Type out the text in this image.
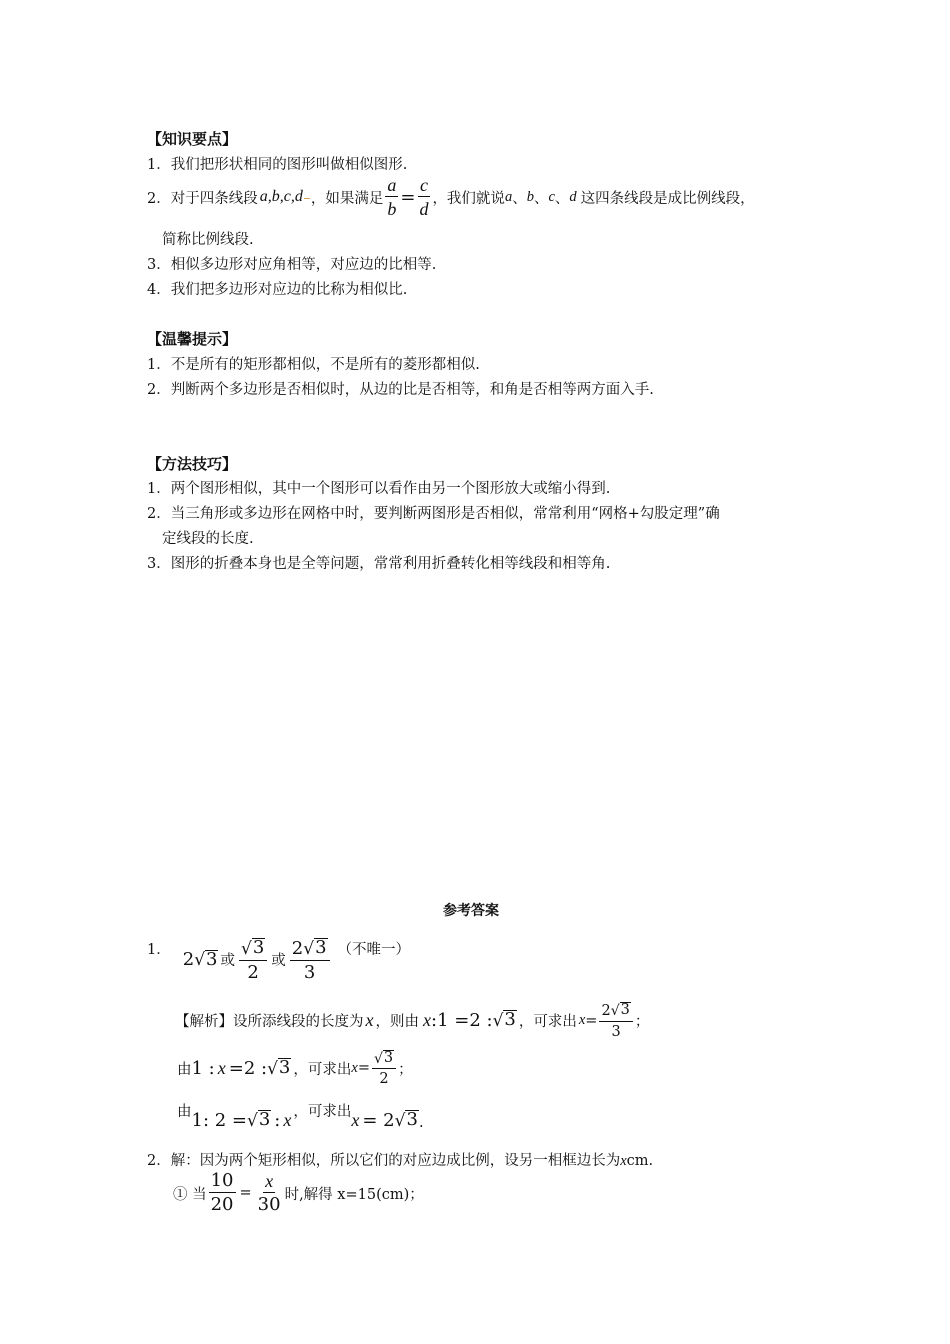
【知识要点】
1．我们把形状相同的图形叫做相似图形.
2．对于四条线段 a,b,c,d ，如果满足 $\frac{a}{b} = \frac{c}{d}$ ，我们就说 a 、 b 、 c 、 d 这四条线段是成比例线段，
简称比例线段.
3．相似多边形对应角相等，对应边的比相等.
4．我们把多边形对应边的比称为相似比.
【温馨提示】
1．不是所有的矩形都相似，不是所有的菱形都相似.
2．判断两个多边形是否相似时，从边的比是否相等，和角是否相等两方面入手.
【方法技巧】
1．两个图形相似，其中一个图形可以看作由另一个图形放大或缩小得到.
2．当三角形或多边形在网格中时，要判断两图形是否相似，常常利用“网格+勾股定理”确
定线段的长度.
3．图形的折叠本身也是全等问题，常常利用折叠转化相等线段和相等角.
参考答案
1． 2 √ 3 或 $\frac{√ 3}{2}$ 或 $\frac{2 √ 3}{3}$ （不唯一）
【解析】 设所添线段的长度为 x ，则由 x:1 =2 : √ 3 ，可求出 $x = \frac{2 √ 3}{3}$ ；
由 1 : x =2 : √ 3 ，可求出 $x = \frac{√ 3}{2}$ ；
由 1: 2 = √ 3 : x ，可求出 x = 2 √ 3 .
2．解：因为两个矩形相似，所以它们的对应边成比例，设另一相框边长为xcm.
① 当 $\frac{10}{20} = \frac{x}{30}$ 时,解得 x=15(cm)；
